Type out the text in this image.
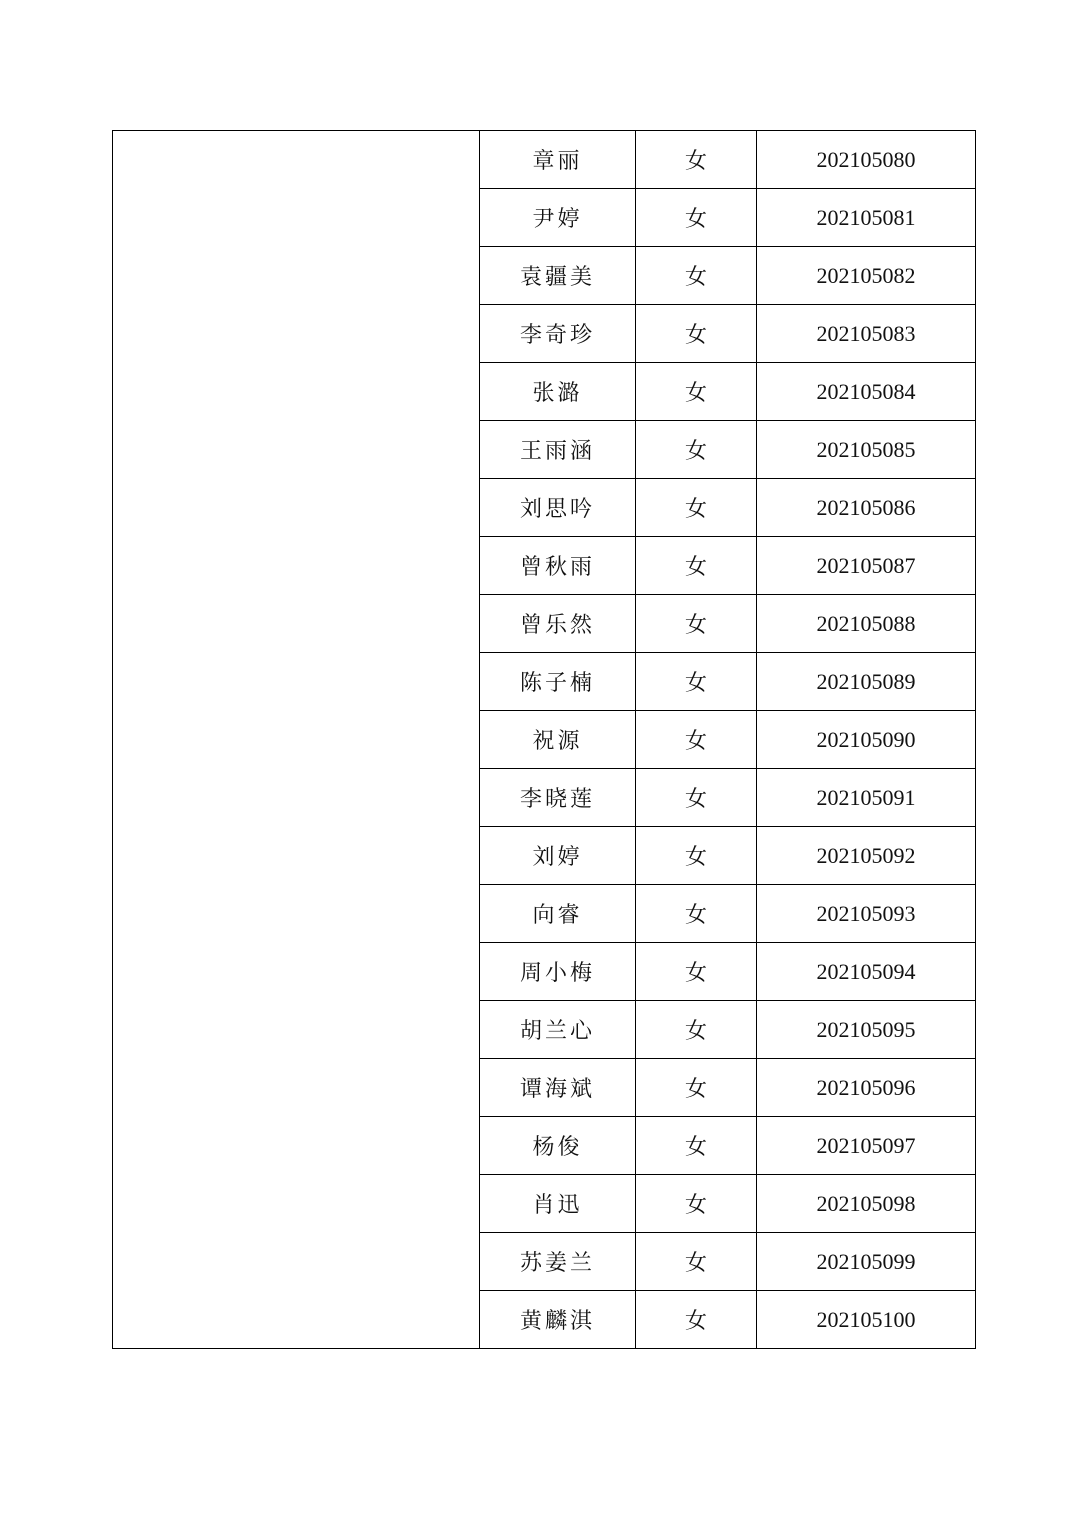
	章丽	女	202105080
	尹婷	女	202105081
	袁疆美	女	202105082
	李奇珍	女	202105083
	张潞	女	202105084
	王雨涵	女	202105085
	刘思吟	女	202105086
	曾秋雨	女	202105087
	曾乐然	女	202105088
	陈子楠	女	202105089
	祝源	女	202105090
	李晓莲	女	202105091
	刘婷	女	202105092
	向睿	女	202105093
	周小梅	女	202105094
	胡兰心	女	202105095
	谭海斌	女	202105096
	杨俊	女	202105097
	肖迅	女	202105098
	苏姜兰	女	202105099
	黄麟淇	女	202105100
